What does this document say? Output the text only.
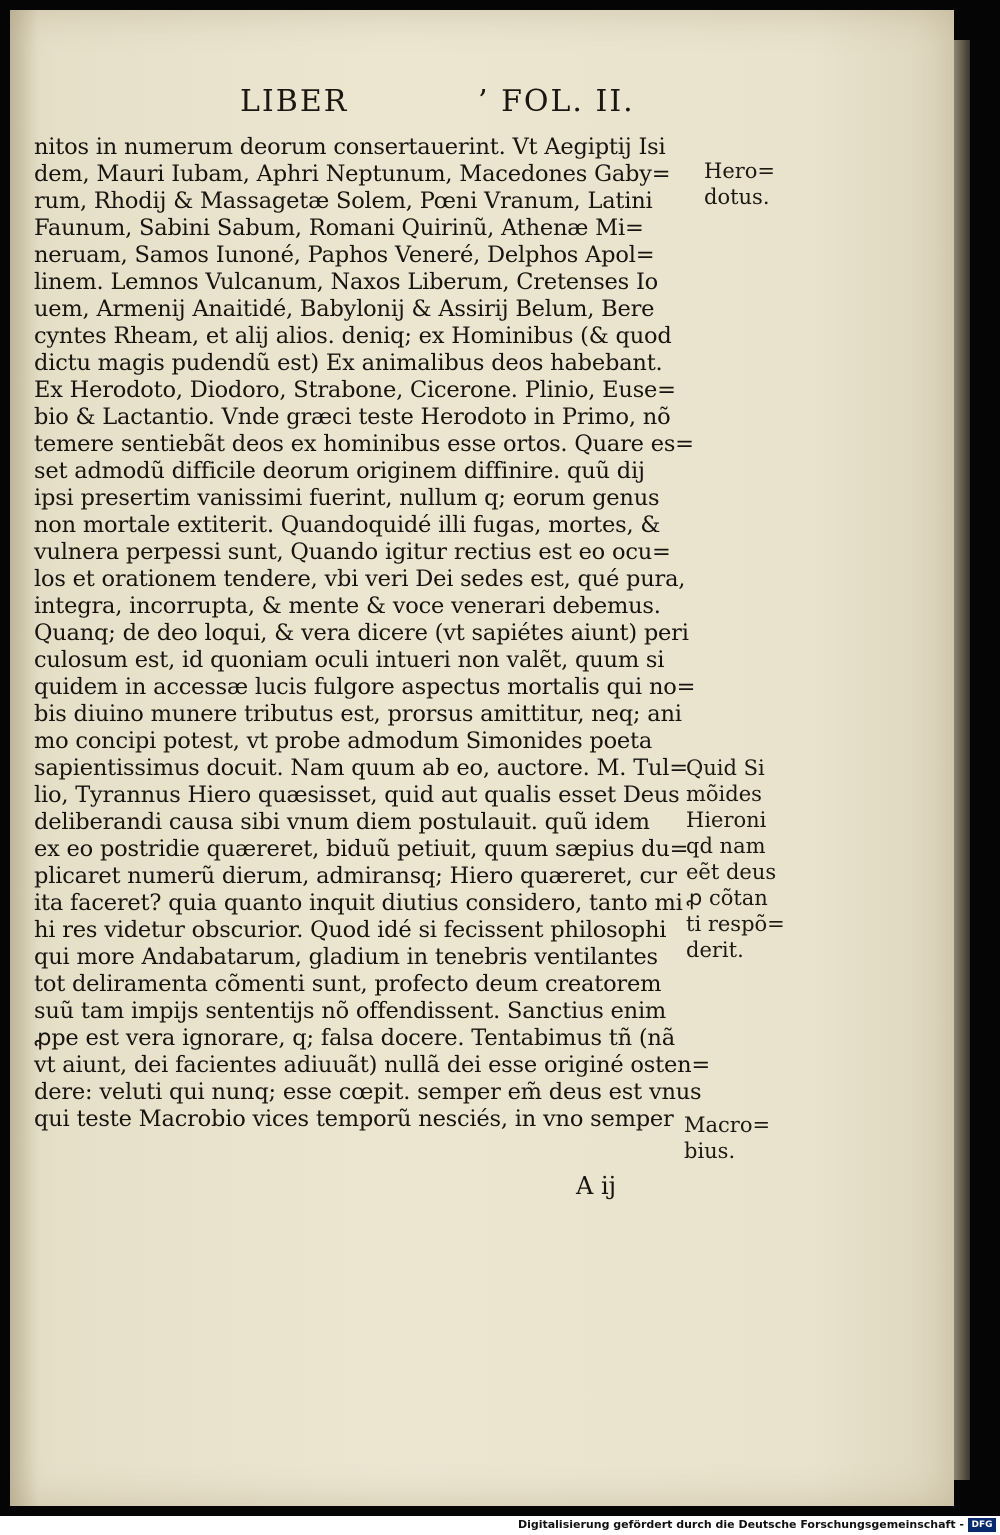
LIBER	’ FOL. II.
nitos in numerum deorum consertauerint. Vt Aegiptij Isi
dem, Mauri Iubam, Aphri Neptunum, Macedones Gaby=
rum, Rhodij & Massagetæ Solem, Pœni Vranum, Latini
Faunum, Sabini Sabum, Romani Quirinũ, Athenæ Mi=
neruam, Samos Iunoné, Paphos Veneré, Delphos Apol=
linem. Lemnos Vulcanum, Naxos Liberum, Cretenses Io
uem, Armenij Anaitidé, Babylonij & Assirij Belum, Bere
cyntes Rheam, et alij alios. deniq; ex Hominibus (& quod
dictu magis pudendũ est) Ex animalibus deos habebant.
Ex Herodoto, Diodoro, Strabone, Cicerone. Plinio, Euse=
bio & Lactantio. Vnde græci teste Herodoto in Primo, nõ
temere sentiebãt deos ex hominibus esse ortos. Quare es=
set admodũ difficile deorum originem diffinire. quũ dij
ipsi presertim vanissimi fuerint, nullum q; eorum genus
non mortale extiterit. Quandoquidé illi fugas, mortes, &
vulnera perpessi sunt, Quando igitur rectius est eo ocu=
los et orationem tendere, vbi veri Dei sedes est, qué pura,
integra, incorrupta, & mente & voce venerari debemus.
Quanq; de deo loqui, & vera dicere (vt sapiétes aiunt) peri
culosum est, id quoniam oculi intueri non valẽt, quum si
quidem in accessæ lucis fulgore aspectus mortalis qui no=
bis diuino munere tributus est, prorsus amittitur, neq; ani
mo concipi potest, vt probe admodum Simonides poeta
sapientissimus docuit. Nam quum ab eo, auctore. M. Tul=
lio, Tyrannus Hiero quæsisset, quid aut qualis esset Deus
deliberandi causa sibi vnum diem postulauit. quũ idem
ex eo postridie quæreret, biduũ petiuit, quum sæpius du=
plicaret numerũ dierum, admiransq; Hiero quæreret, cur
ita faceret? quia quanto inquit diutius considero, tanto mi
hi res videtur obscurior. Quod idé si fecissent philosophi
qui more Andabatarum, gladium in tenebris ventilantes
tot deliramenta cõmenti sunt, profecto deum creatorem
suũ tam impijs sententijs nõ offendissent. Sanctius enim
ꝓpe est vera ignorare, q; falsa docere. Tentabimus tñ (nã
vt aiunt, dei facientes adiuuãt) nullã dei esse originé osten=
dere: veluti qui nunq; esse cœpit. semper em̃ deus est vnus
qui teste Macrobio vices temporũ nesciés, in vno semper
Hero=
dotus.
Quid Si
mõides
Hieroni
qd nam
eẽt deus
ꝓ cõtan
ti respõ=
derit.
Macro=
bius.
A ij
Digitalisierung gefördert durch die Deutsche Forschungsgemeinschaft - DFG
